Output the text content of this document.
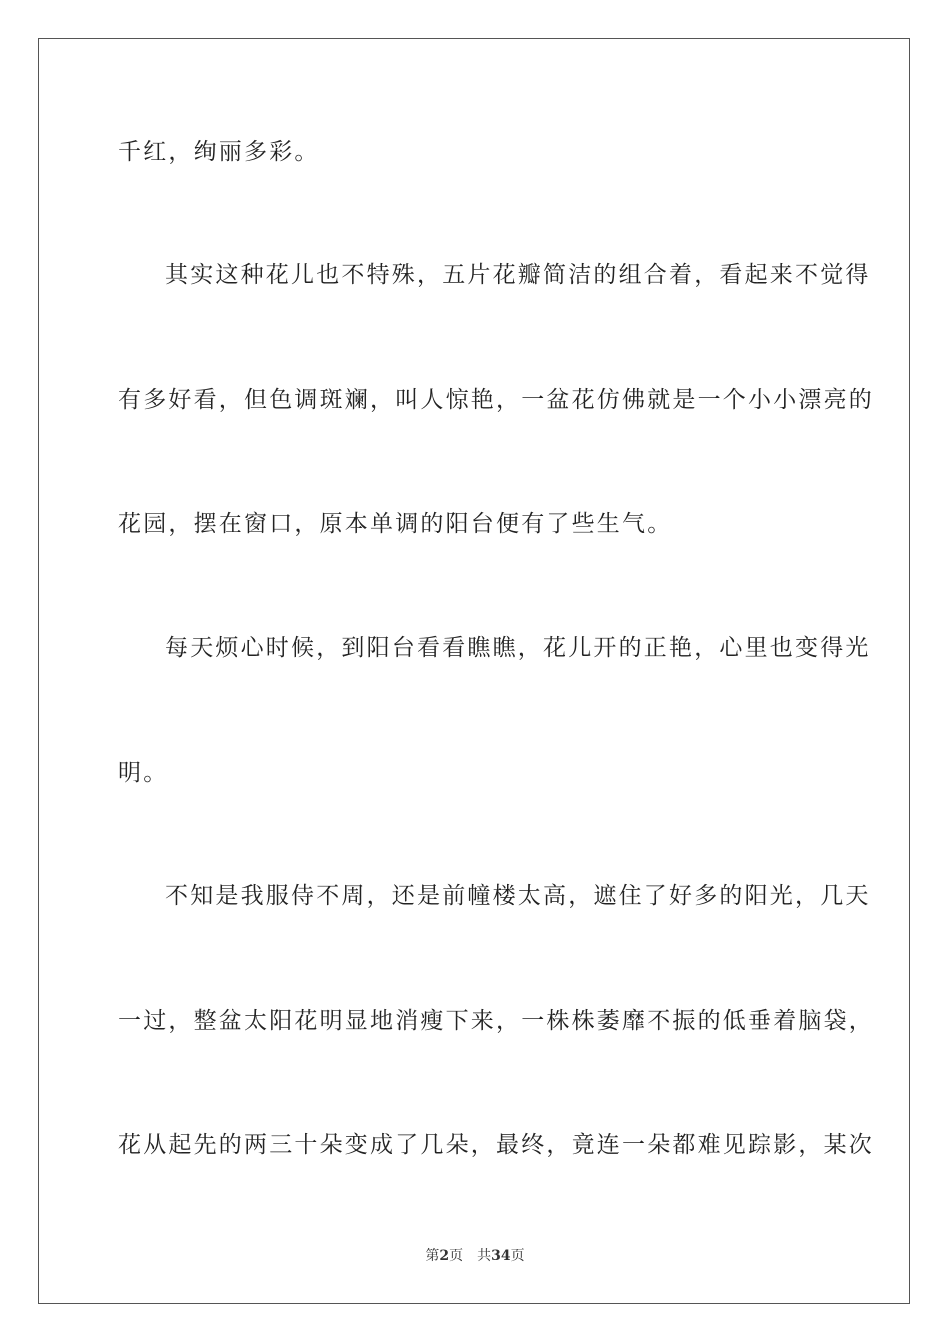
千红，绚丽多彩。
其实这种花儿也不特殊，五片花瓣简洁的组合着，看起来不觉得
有多好看，但色调斑斓，叫人惊艳，一盆花仿佛就是一个小小漂亮的
花园，摆在窗口，原本单调的阳台便有了些生气。
每天烦心时候，到阳台看看瞧瞧，花儿开的正艳，心里也变得光
明。
不知是我服侍不周，还是前幢楼太高，遮住了好多的阳光，几天
一过，整盆太阳花明显地消瘦下来，一株株萎靡不振的低垂着脑袋，
花从起先的两三十朵变成了几朵，最终，竟连一朵都难见踪影，某次
第2页 共34页
